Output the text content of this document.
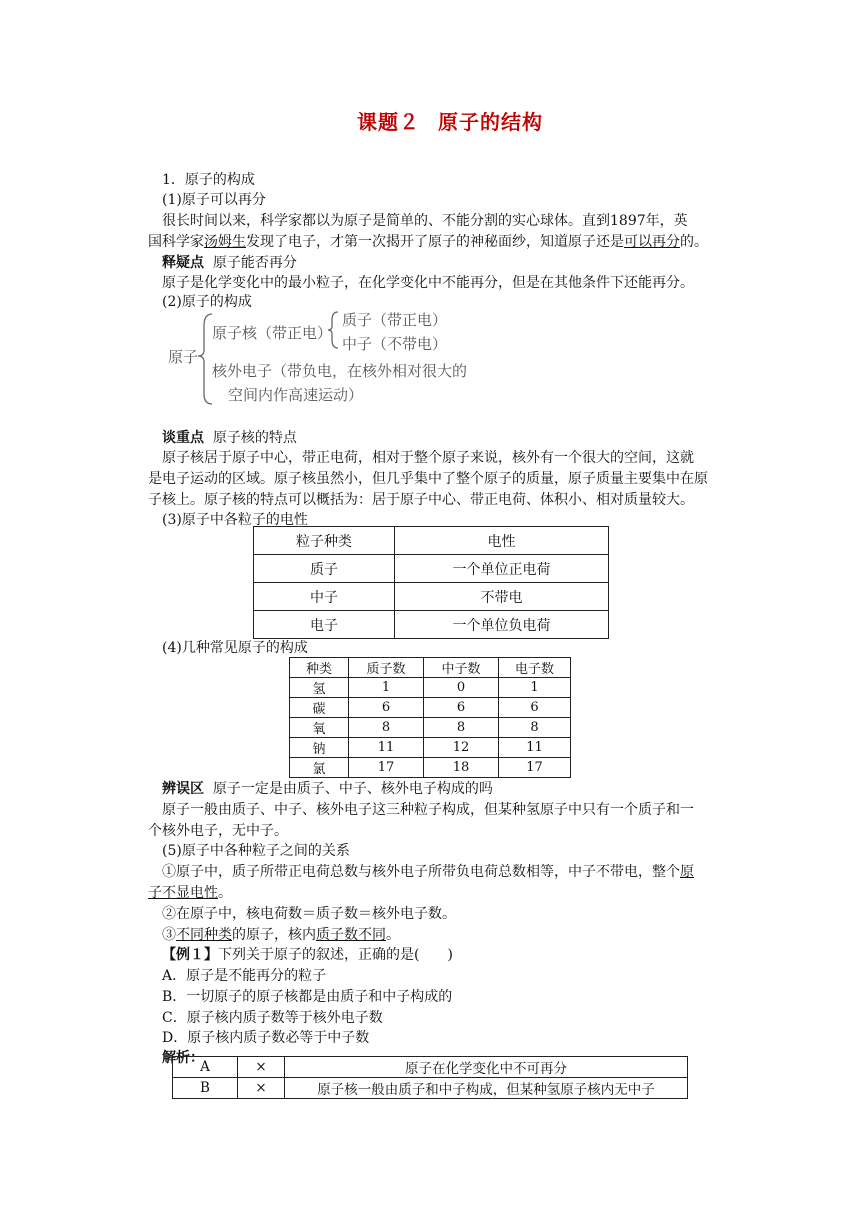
课题２ 原子的结构
1．原子的构成
(1)原子可以再分
很长时间以来，科学家都以为原子是简单的、不能分割的实心球体。直到1897年，英
国科学家汤姆生发现了电子，才第一次揭开了原子的神秘面纱，知道原子还是可以再分的。
释疑点 原子能否再分
原子是化学变化中的最小粒子，在化学变化中不能再分，但是在其他条件下还能再分。
(2)原子的构成
原子
原子核（带正电）
质子（带正电）
中子（不带电）
核外电子（带负电，在核外相对很大的
空间内作高速运动）
谈重点 原子核的特点
原子核居于原子中心，带正电荷，相对于整个原子来说，核外有一个很大的空间，这就
是电子运动的区域。原子核虽然小，但几乎集中了整个原子的质量，原子质量主要集中在原
子核上。原子核的特点可以概括为：居于原子中心、带正电荷、体积小、相对质量较大。
(3)原子中各粒子的电性
粒子种类	电性
质子	一个单位正电荷
中子	不带电
电子	一个单位负电荷
(4)几种常见原子的构成
种类	质子数	中子数	电子数
氢	1	0	1
碳	6	6	6
氧	8	8	8
钠	11	12	11
氯	17	18	17
辨误区 原子一定是由质子、中子、核外电子构成的吗
原子一般由质子、中子、核外电子这三种粒子构成，但某种氢原子中只有一个质子和一
个核外电子，无中子。
(5)原子中各种粒子之间的关系
①原子中，质子所带正电荷总数与核外电子所带负电荷总数相等，中子不带电，整个原
子不显电性。
②在原子中，核电荷数＝质子数＝核外电子数。
③不同种类的原子，核内质子数不同。
【例１】下列关于原子的叙述，正确的是(　　)
A．原子是不能再分的粒子
B．一切原子的原子核都是由质子和中子构成的
C．原子核内质子数等于核外电子数
D．原子核内质子数必等于中子数
解析：
A	×	原子在化学变化中不可再分
B	×	原子核一般由质子和中子构成，但某种氢原子核内无中子
